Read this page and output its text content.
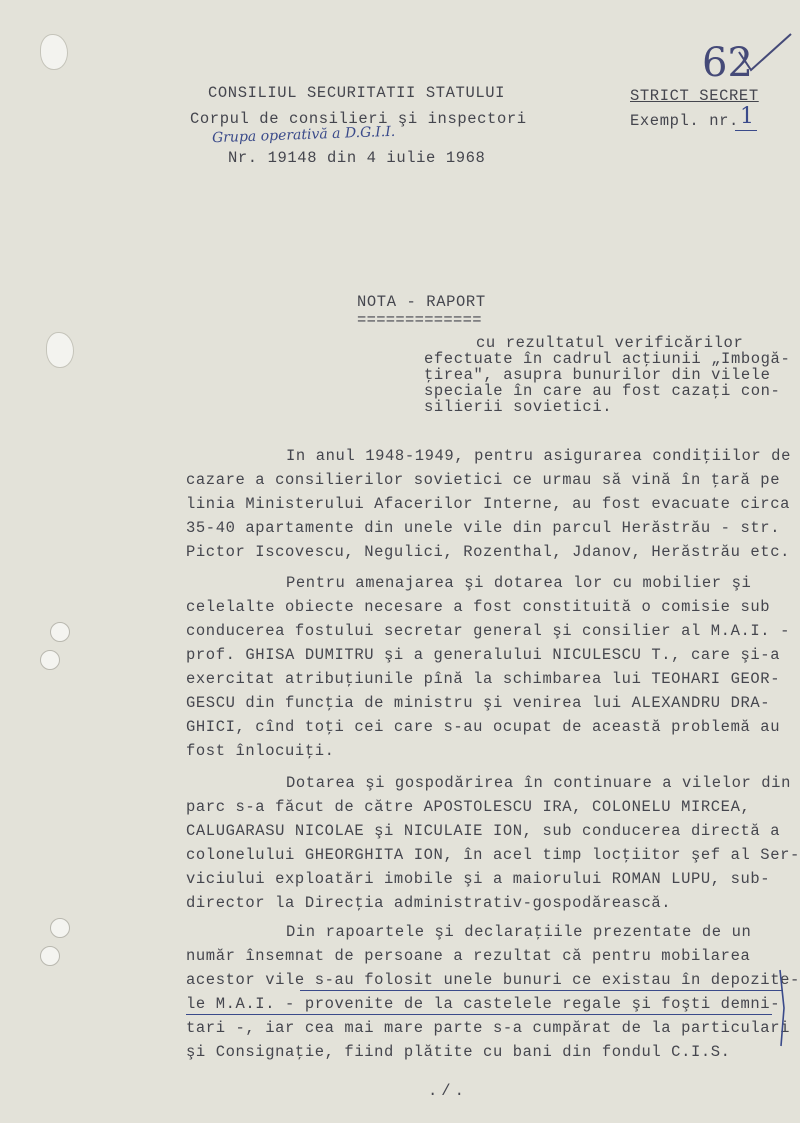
CONSILIUL SECURITATII STATULUI
Corpul de consilieri şi inspectori
Grupa operativă a D.G.I.I.
Nr. 19148 din 4 iulie 1968
STRICT SECRET
Exempl. nr. 1
62
NOTA - RAPORT
=============
cu rezultatul verificărilor
efectuate în cadrul acţiunii „Imbogă-
ţirea", asupra bunurilor din vilele
speciale în care au fost cazaţi con-
silierii sovietici.
In anul 1948-1949, pentru asigurarea condiţiilor de
cazare a consilierilor sovietici ce urmau să vină în ţară pe
linia Ministerului Afacerilor Interne, au fost evacuate circa
35-40 apartamente din unele vile din parcul Herăstrău - str.
Pictor Iscovescu, Negulici, Rozenthal, Jdanov, Herăstrău etc.
Pentru amenajarea şi dotarea lor cu mobilier şi
celelalte obiecte necesare a fost constituită o comisie sub
conducerea fostului secretar general şi consilier al M.A.I. -
prof. GHISA DUMITRU şi a generalului NICULESCU T., care şi-a
exercitat atribuţiunile pînă la schimbarea lui TEOHARI GEOR-
GESCU din funcţia de ministru şi venirea lui ALEXANDRU DRA-
GHICI, cînd toţi cei care s-au ocupat de această problemă au
fost înlocuiţi.
Dotarea şi gospodărirea în continuare a vilelor din
parc s-a făcut de către APOSTOLESCU IRA, COLONELU MIRCEA,
CALUGARASU NICOLAE şi NICULAIE ION, sub conducerea directă a
colonelului GHEORGHITA ION, în acel timp locţiitor şef al Ser-
viciului exploatări imobile şi a maiorului ROMAN LUPU, sub-
director la Direcţia administrativ-gospodărească.
Din rapoartele şi declaraţiile prezentate de un
număr însemnat de persoane a rezultat că pentru mobilarea
acestor vile s-au folosit unele bunuri ce existau în depozite-
le M.A.I. - provenite de la castelele regale şi foşti demni-
tari -, iar cea mai mare parte s-a cumpărat de la particulari
şi Consignaţie, fiind plătite cu bani din fondul C.I.S.
./.
